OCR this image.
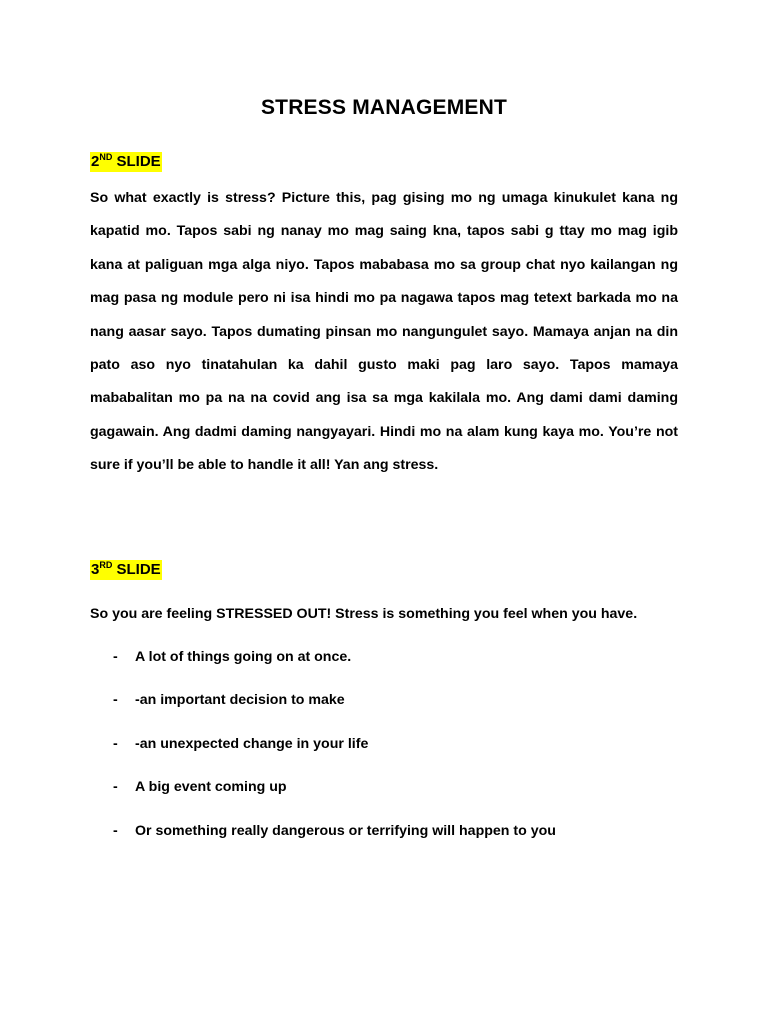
STRESS MANAGEMENT

2ND SLIDE

So what exactly is stress? Picture this, pag gising mo ng umaga kinukulet kana ng kapatid mo. Tapos sabi ng nanay mo mag saing kna, tapos sabi g ttay mo mag igib kana at paliguan mga alga niyo. Tapos mababasa mo sa group chat nyo kailangan ng mag pasa ng module pero ni isa hindi mo pa nagawa tapos mag tetext barkada mo na nang aasar sayo. Tapos dumating pinsan mo nangungulet sayo. Mamaya anjan na din pato aso nyo tinatahulan ka dahil gusto maki pag laro sayo. Tapos mamaya mababalitan mo pa na na covid ang isa sa mga kakilala mo. Ang dami dami daming gagawain. Ang dadmi daming nangyayari. Hindi mo na alam kung kaya mo. You’re not sure if you’ll be able to handle it all! Yan ang stress.

3RD SLIDE

So you are feeling STRESSED OUT! Stress is something you feel when you have.

- A lot of things going on at once.
- -an important decision to make
- -an unexpected change in your life
- A big event coming up
- Or something really dangerous or terrifying will happen to you
